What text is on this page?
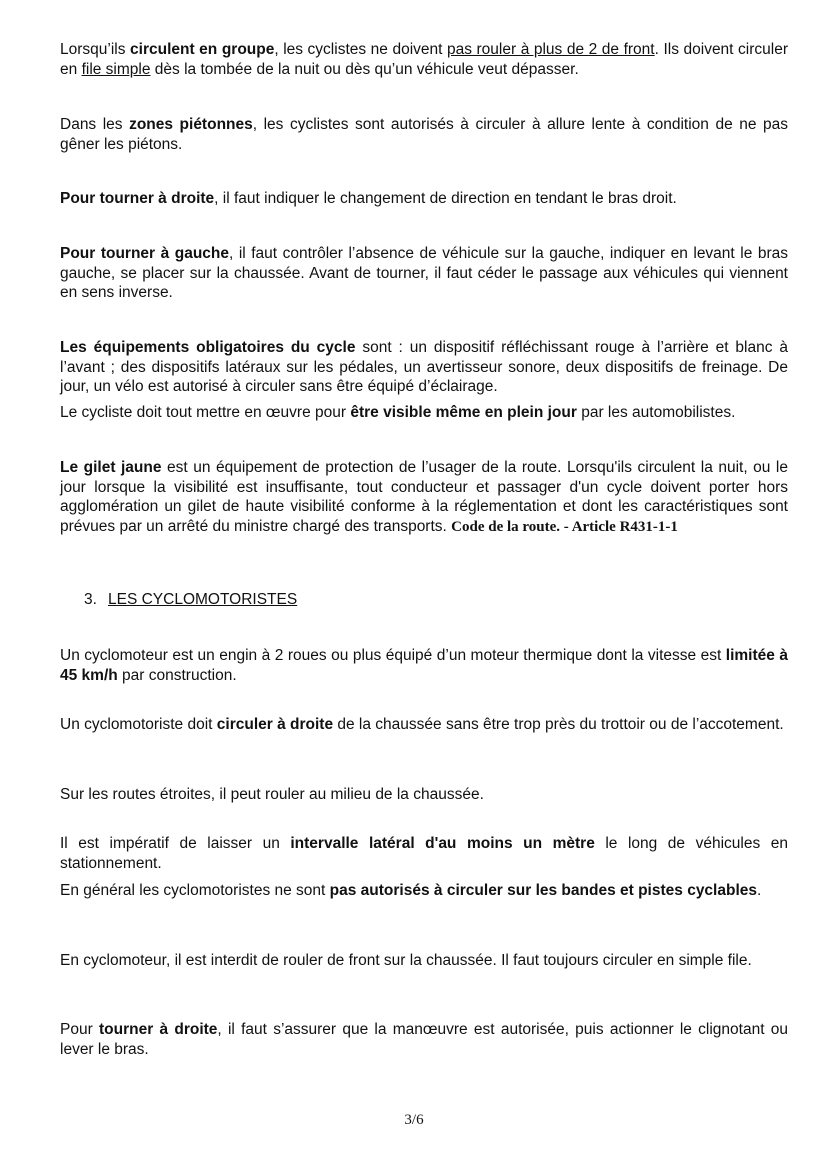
Lorsqu’ils circulent en groupe, les cyclistes ne doivent pas rouler à plus de 2 de front. Ils doivent circuler en file simple dès la tombée de la nuit ou dès qu’un véhicule veut dépasser.

Dans les zones piétonnes, les cyclistes sont autorisés à circuler à allure lente à condition de ne pas gêner les piétons.

Pour tourner à droite, il faut indiquer le changement de direction en tendant le bras droit.

Pour tourner à gauche, il faut contrôler l’absence de véhicule sur la gauche, indiquer en levant le bras gauche, se placer sur la chaussée. Avant de tourner, il faut céder le passage aux véhicules qui viennent en sens inverse.

Les équipements obligatoires du cycle sont : un dispositif réfléchissant rouge à l’arrière et blanc à l’avant ; des dispositifs latéraux sur les pédales, un avertisseur sonore, deux dispositifs de freinage. De jour, un vélo est autorisé à circuler sans être équipé d’éclairage.

Le cycliste doit tout mettre en œuvre pour être visible même en plein jour par les automobilistes.

Le gilet jaune est un équipement de protection de l’usager de la route. Lorsqu'ils circulent la nuit, ou le jour lorsque la visibilité est insuffisante, tout conducteur et passager d'un cycle doivent porter hors agglomération un gilet de haute visibilité conforme à la réglementation et dont les caractéristiques sont prévues par un arrêté du ministre chargé des transports. Code de la route. - Article R431-1-1

3. LES CYCLOMOTORISTES

Un cyclomoteur est un engin à 2 roues ou plus équipé d’un moteur thermique dont la vitesse est limitée à 45 km/h par construction.

Un cyclomotoriste doit circuler à droite de la chaussée sans être trop près du trottoir ou de l’accotement.

Sur les routes étroites, il peut rouler au milieu de la chaussée.

Il est impératif de laisser un intervalle latéral d'au moins un mètre le long de véhicules en stationnement.

En général les cyclomotoristes ne sont pas autorisés à circuler sur les bandes et pistes cyclables.

En cyclomoteur, il est interdit de rouler de front sur la chaussée. Il faut toujours circuler en simple file.

Pour tourner à droite, il faut s’assurer que la manœuvre est autorisée, puis actionner le clignotant ou lever le bras.

3/6
